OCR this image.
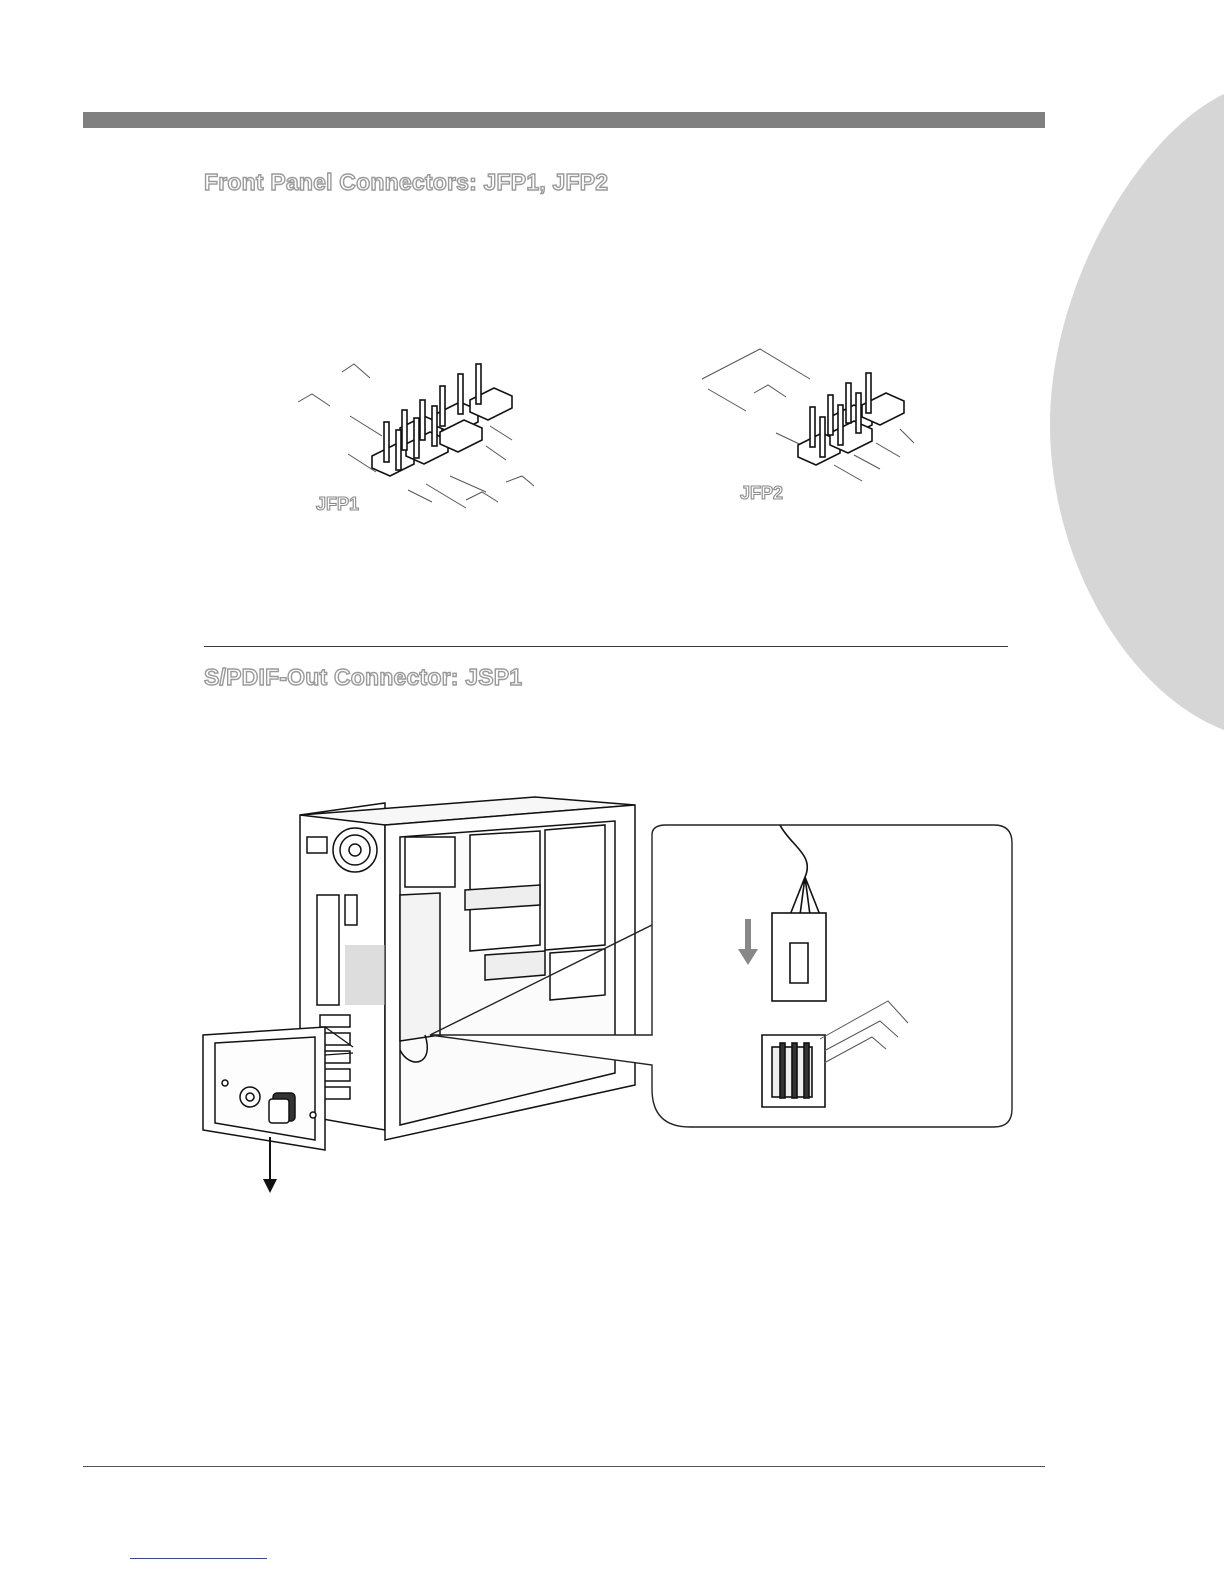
Front Panel Connectors: JFP1, JFP2
JFP1
JFP2
S/PDIF-Out Connector: JSP1
